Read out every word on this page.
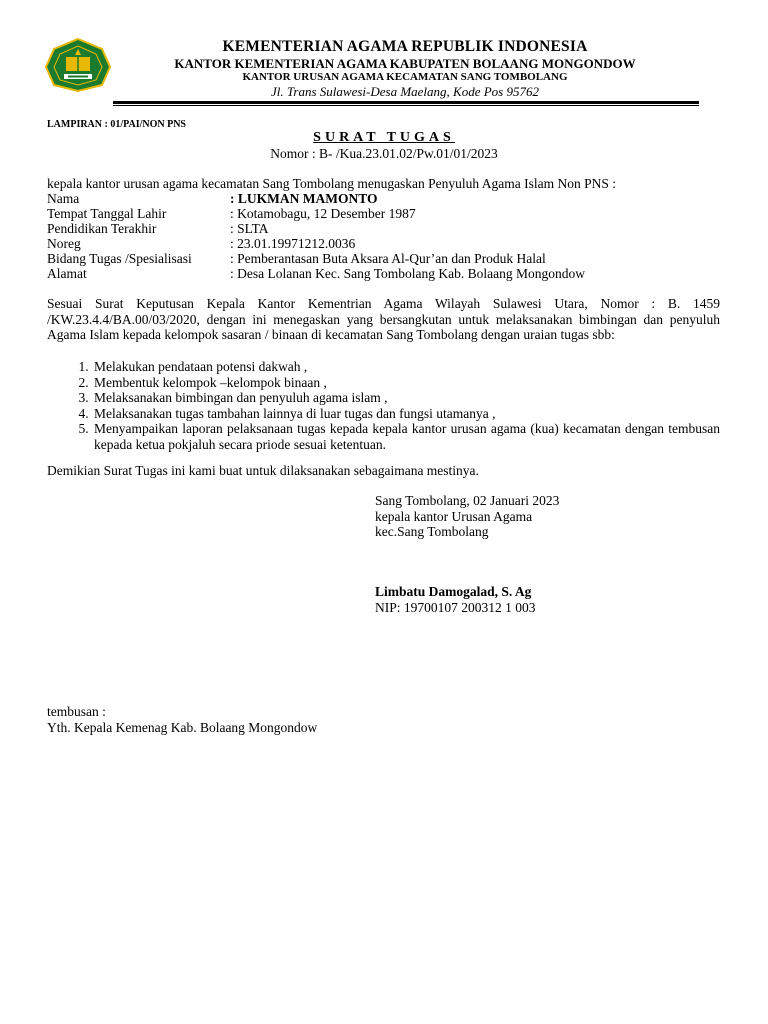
KEMENTERIAN AGAMA REPUBLIK INDONESIA
KANTOR KEMENTERIAN AGAMA KABUPATEN BOLAANG MONGONDOW
KANTOR URUSAN AGAMA KECAMATAN SANG TOMBOLANG
Jl. Trans Sulawesi-Desa Maelang, Kode Pos 95762
LAMPIRAN : 01/PAI/NON PNS
SURAT TUGAS
Nomor : B- /Kua.23.01.02/Pw.01/01/2023
kepala kantor urusan agama kecamatan Sang Tombolang menugaskan Penyuluh Agama Islam Non PNS :
Nama	: LUKMAN MAMONTO
Tempat Tanggal Lahir	: Kotamobagu, 12 Desember 1987
Pendidikan Terakhir	: SLTA
Noreg	: 23.01.19971212.0036
Bidang Tugas /Spesialisasi	: Pemberantasan Buta Aksara Al-Qur’an dan Produk Halal
Alamat	: Desa Lolanan Kec. Sang Tombolang Kab. Bolaang Mongondow
Sesuai Surat Keputusan Kepala Kantor Kementrian Agama Wilayah Sulawesi Utara, Nomor : B. 1459 /KW.23.4.4/BA.00/03/2020, dengan ini menegaskan yang bersangkutan untuk melaksanakan bimbingan dan penyuluh Agama Islam kepada kelompok sasaran / binaan di kecamatan Sang Tombolang dengan uraian tugas sbb:
1. Melakukan pendataan potensi dakwah ,
2. Membentuk kelompok –kelompok binaan ,
3. Melaksanakan bimbingan dan penyuluh agama islam ,
4. Melaksanakan tugas tambahan lainnya di luar tugas dan fungsi utamanya ,
5. Menyampaikan laporan pelaksanaan tugas kepada kepala kantor urusan agama (kua) kecamatan dengan tembusan kepada ketua pokjaluh secara priode sesuai ketentuan.
Demikian Surat Tugas ini kami buat untuk dilaksanakan sebagaimana mestinya.
Sang Tombolang, 02 Januari 2023
kepala kantor Urusan Agama
kec.Sang Tombolang
Limbatu Damogalad, S. Ag
NIP: 19700107 200312 1 003
tembusan :
Yth. Kepala Kemenag Kab. Bolaang Mongondow
